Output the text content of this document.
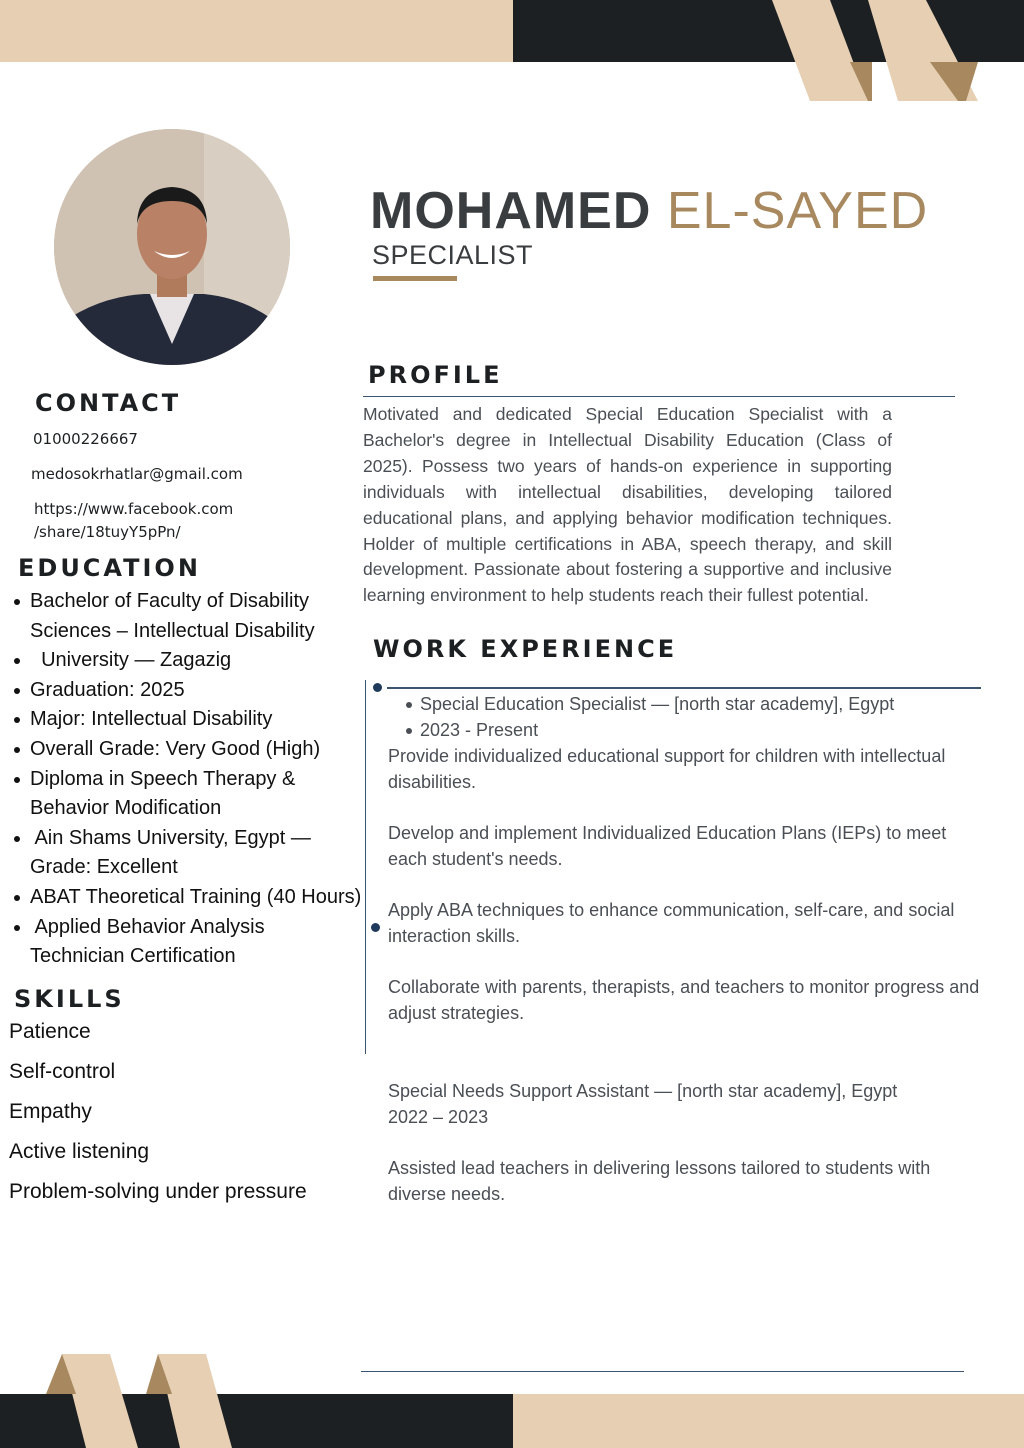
MOHAMED EL-SAYED
SPECIALIST
CONTACT
01000226667
medosokrhatlar@gmail.com
https://www.facebook.com
/share/18tuyY5pPn/
EDUCATION
Bachelor of Faculty of Disability
Sciences – Intellectual Disability
University — Zagazig
Graduation: 2025
Major: Intellectual Disability
Overall Grade: Very Good (High)
Diploma in Speech Therapy &
Behavior Modification
Ain Shams University, Egypt —
Grade: Excellent
ABAT Theoretical Training (40 Hours)
Applied Behavior Analysis
Technician Certification
SKILLS
Patience
Self-control
Empathy
Active listening
Problem-solving under pressure
PROFILE

Motivated and dedicated Special Education Specialist with a Bachelor's degree in Intellectual Disability Education (Class of 2025). Possess two years of hands-on experience in supporting individuals with intellectual disabilities, developing tailored educational plans, and applying behavior modification techniques. Holder of multiple certifications in ABA, speech therapy, and skill development. Passionate about fostering a supportive and inclusive learning environment to help students reach their fullest potential.

WORK EXPERIENCE
Special Education Specialist — [north star academy], Egypt
2023 - Present

Provide individualized educational support for children with intellectual disabilities.

Develop and implement Individualized Education Plans (IEPs) to meet each student's needs.

Apply ABA techniques to enhance communication, self-care, and social interaction skills.

Collaborate with parents, therapists, and teachers to monitor progress and adjust strategies.

Special Needs Support Assistant — [north star academy], Egypt

2022 – 2023

Assisted lead teachers in delivering lessons tailored to students with diverse needs.
